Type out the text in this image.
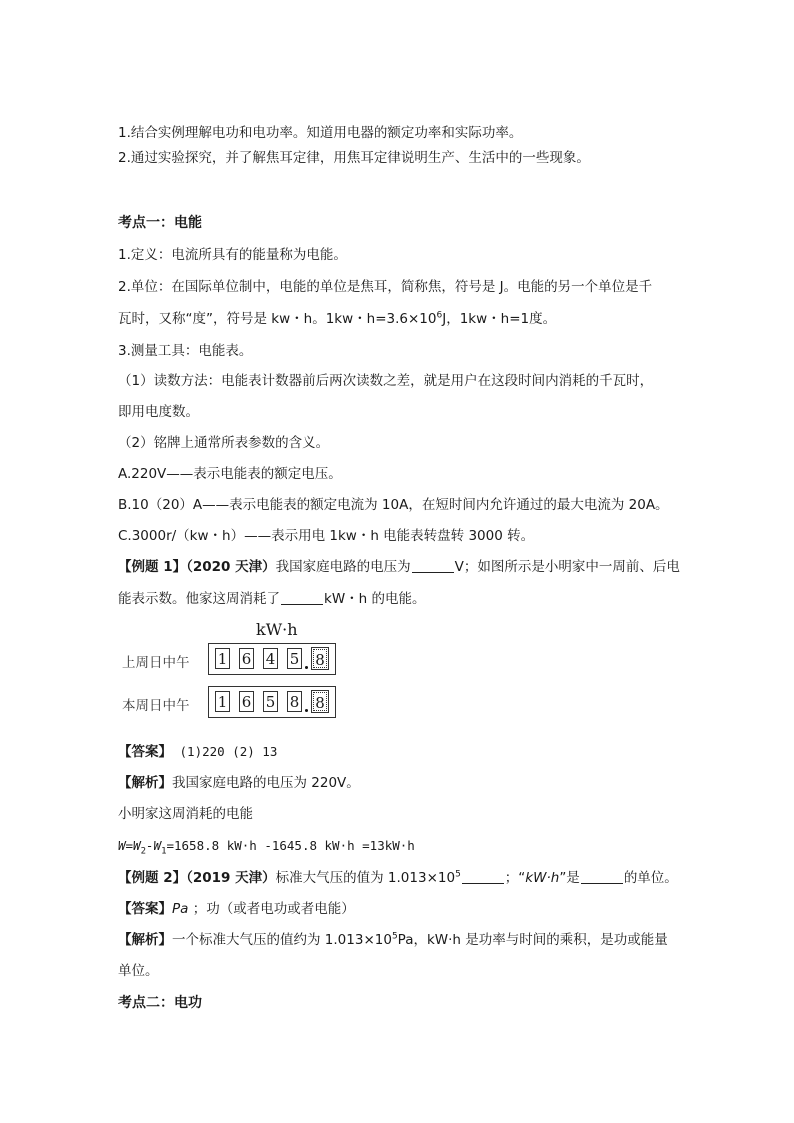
1.结合实例理解电功和电功率。知道用电器的额定功率和实际功率。
2.通过实验探究，并了解焦耳定律，用焦耳定律说明生产、生活中的一些现象。
考点一：电能
1.定义：电流所具有的能量称为电能。
2.单位：在国际单位制中，电能的单位是焦耳，简称焦，符号是 J。电能的另一个单位是千
瓦时，又称“度”，符号是 kw・h。1kw・$h=3.6\times 10^6J$，1kw・h=1度。
3.测量工具：电能表。
（1）读数方法：电能表计数器前后两次读数之差，就是用户在这段时间内消耗的千瓦时，
即用电度数。
（2）铭牌上通常所表参数的含义。
A.220V——表示电能表的额定电压。
B.10（20）A——表示电能表的额定电流为 10A，在短时间内允许通过的最大电流为 20A。
C.3000r/（kw・h）——表示用电 1kw・h 电能表转盘转 3000 转。
【例题 1】（2020 天津）我国家庭电路的电压为	V；如图所示是小明家中一周前、后电
能表示数。他家这周消耗了	kW・h 的电能。
kW·h
上周日中午 1 6 4 5 8
本周日中午 1 6 5 8 8
【答案】 (1)220 (2) 13
【解析】我国家庭电路的电压为 220V。
小明家这周消耗的电能
$W=W_2-W_1=1658.8$ kW·h -1645.8 kW·h =13kW·h
【例题 2】（2019 天津）标准大气压的值为 $1.013\times 10^5$	；“kW·h”是	的单位。
【答案】Pa ；功（或者电功或者电能）
【解析】一个标准大气压的值约为 $1.013\times 10^5Pa$，kW·h 是功率与时间的乘积，是功或能量
单位。
考点二：电功
